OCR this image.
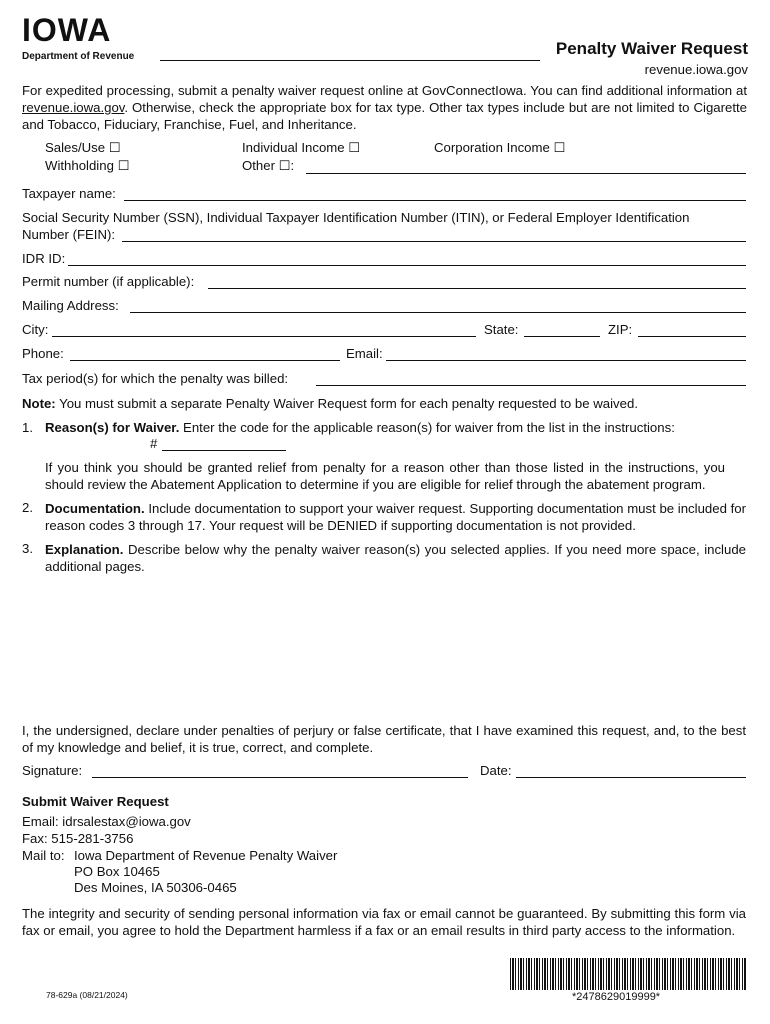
IOWA
Department of Revenue	Penalty Waiver Request
revenue.iowa.gov
For expedited processing, submit a penalty waiver request online at GovConnectIowa. You can find additional information at revenue.iowa.gov. Otherwise, check the appropriate box for tax type. Other tax types include but are not limited to Cigarette and Tobacco, Fiduciary, Franchise, Fuel, and Inheritance.
Sales/Use ☐	Individual Income ☐	Corporation Income ☐
Withholding ☐	Other ☐:
Taxpayer name:
Social Security Number (SSN), Individual Taxpayer Identification Number (ITIN), or Federal Employer Identification
Number (FEIN):
IDR ID:
Permit number (if applicable):
Mailing Address:
City:	State:	ZIP:
Phone:	Email:
Tax period(s) for which the penalty was billed:
Note: You must submit a separate Penalty Waiver Request form for each penalty requested to be waived.
1. Reason(s) for Waiver. Enter the code for the applicable reason(s) for waiver from the list in the instructions:
#
If you think you should be granted relief from penalty for a reason other than those listed in the instructions, you should review the Abatement Application to determine if you are eligible for relief through the abatement program.
2. Documentation. Include documentation to support your waiver request. Supporting documentation must be included for reason codes 3 through 17. Your request will be DENIED if supporting documentation is not provided.
3. Explanation. Describe below why the penalty waiver reason(s) you selected applies. If you need more space, include additional pages.
I, the undersigned, declare under penalties of perjury or false certificate, that I have examined this request, and, to the best of my knowledge and belief, it is true, correct, and complete.
Signature:	Date:
Submit Waiver Request
Email: idrsalestax@iowa.gov
Fax: 515-281-3756
Mail to: Iowa Department of Revenue Penalty Waiver
PO Box 10465
Des Moines, IA 50306-0465
The integrity and security of sending personal information via fax or email cannot be guaranteed. By submitting this form via fax or email, you agree to hold the Department harmless if a fax or an email results in third party access to the information.
78-629a (08/21/2024)	*2478629019999*
